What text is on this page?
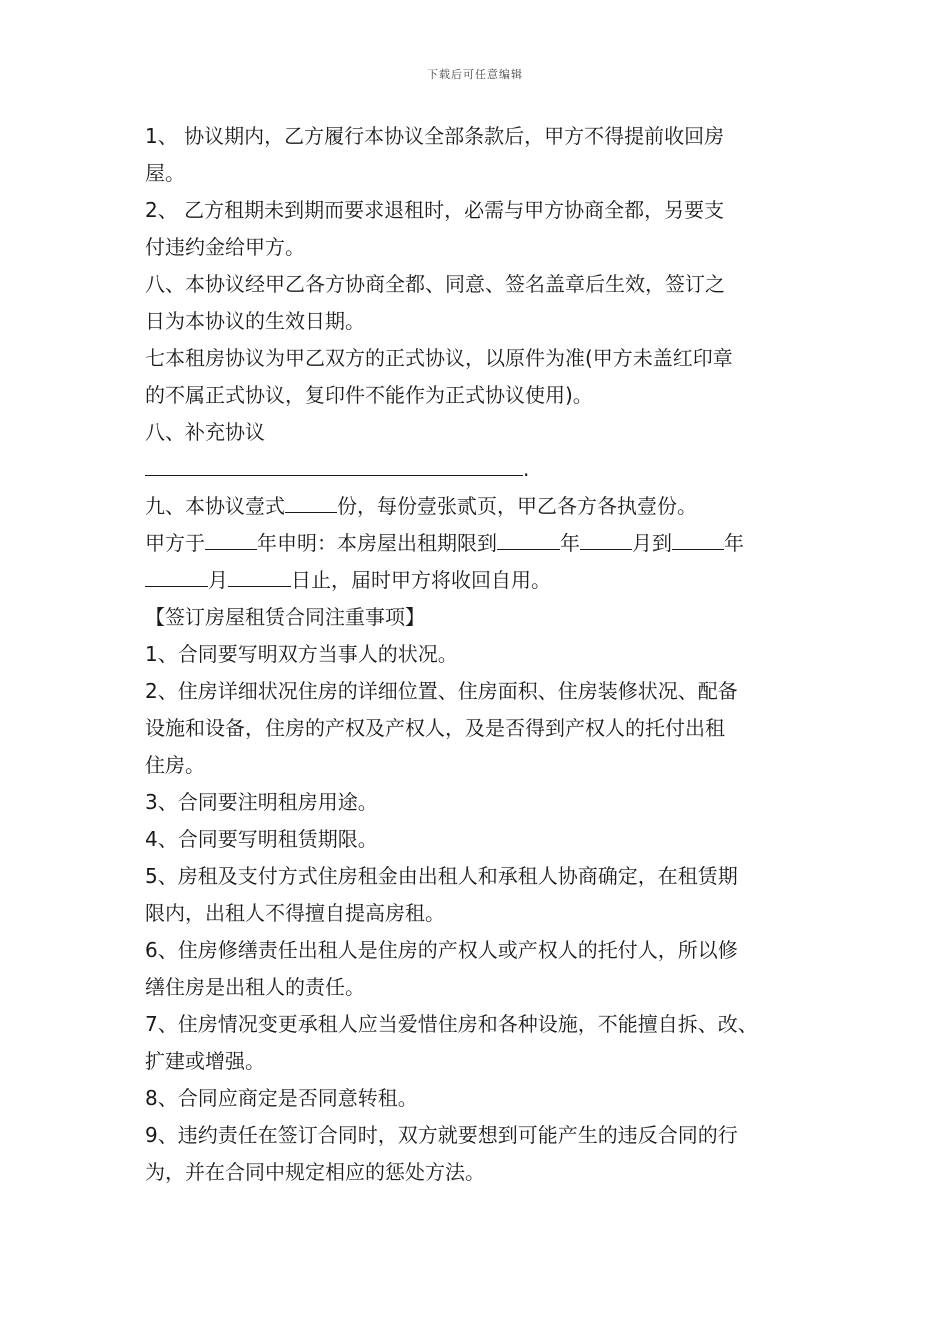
下载后可任意编辑
1、 协议期内，乙方履行本协议全部条款后，甲方不得提前收回房
屋。
2、 乙方租期未到期而要求退租时，必需与甲方协商全都，另要支
付违约金给甲方。
八、本协议经甲乙各方协商全都、同意、签名盖章后生效，签订之
日为本协议的生效日期。
七本租房协议为甲乙双方的正式协议，以原件为准(甲方未盖红印章
的不属正式协议，复印件不能作为正式协议使用)。
八、补充协议
.
九、本协议壹式	份，每份壹张贰页，甲乙各方各执壹份。
甲方于	年申明：本房屋出租期限到	年	月到	年
月	日止，届时甲方将收回自用。
【签订房屋租赁合同注重事项】
1、合同要写明双方当事人的状况。
2、住房详细状况住房的详细位置、住房面积、住房装修状况、配备
设施和设备，住房的产权及产权人，及是否得到产权人的托付出租
住房。
3、合同要注明租房用途。
4、合同要写明租赁期限。
5、房租及支付方式住房租金由出租人和承租人协商确定，在租赁期
限内，出租人不得擅自提高房租。
6、住房修缮责任出租人是住房的产权人或产权人的托付人，所以修
缮住房是出租人的责任。
7、住房情况变更承租人应当爱惜住房和各种设施，不能擅自拆、改、
扩建或增强。
8、合同应商定是否同意转租。
9、违约责任在签订合同时，双方就要想到可能产生的违反合同的行
为，并在合同中规定相应的惩处方法。
